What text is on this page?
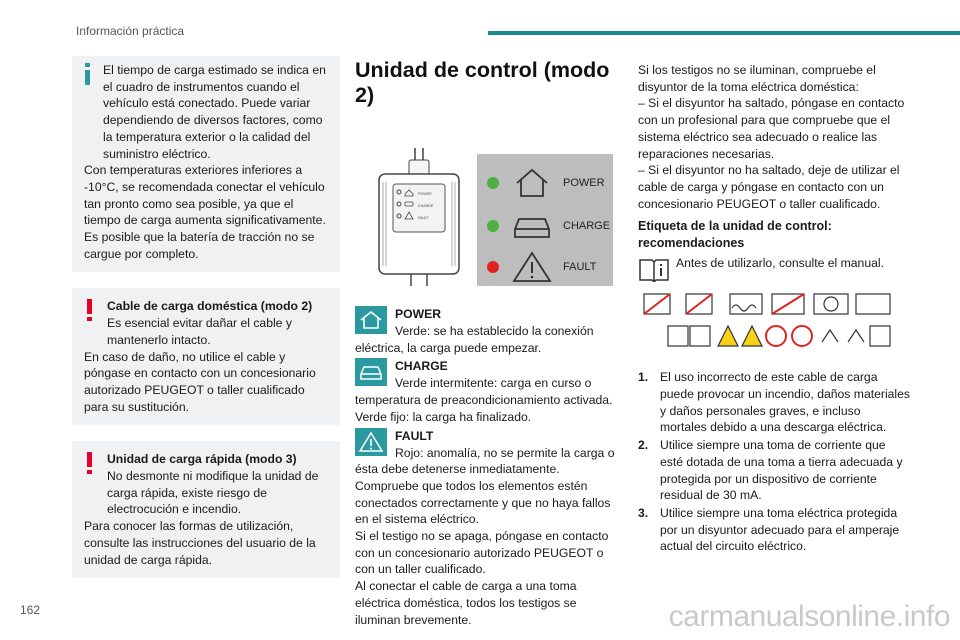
Información práctica

El tiempo de carga estimado se indica en el cuadro de instrumentos cuando el vehículo está conectado. Puede variar dependiendo de diversos factores, como la temperatura exterior o la calidad del suministro eléctrico.

Con temperaturas exteriores inferiores a -10°C, se recomendada conectar el vehículo tan pronto como sea posible, ya que el tiempo de carga aumenta significativamente.

Es posible que la batería de tracción no se cargue por completo.

Cable de carga doméstica (modo 2)

Es esencial evitar dañar el cable y mantenerlo intacto.

En caso de daño, no utilice el cable y póngase en contacto con un concesionario autorizado PEUGEOT o taller cualificado para su sustitución.

Unidad de carga rápida (modo 3)

No desmonte ni modifique la unidad de carga rápida, existe riesgo de electrocución e incendio.

Para conocer las formas de utilización, consulte las instrucciones del usuario de la unidad de carga rápida.

Unidad de control (modo 2)
POWER
CHARGE
FAULT
POWER
CHARGE
FAULT
POWER
Verde: se ha establecido la conexión eléctrica, la carga puede empezar.
CHARGE
Verde intermitente: carga en curso o temperatura de preacondicionamiento activada. Verde fijo: la carga ha finalizado.
FAULT
Rojo: anomalía, no se permite la carga o ésta debe detenerse inmediatamente.
Compruebe que todos los elementos estén conectados correctamente y que no haya fallos en el sistema eléctrico.
Si el testigo no se apaga, póngase en contacto con un concesionario autorizado PEUGEOT o con un taller cualificado.
Al conectar el cable de carga a una toma eléctrica doméstica, todos los testigos se iluminan brevemente.
Si los testigos no se iluminan, compruebe el disyuntor de la toma eléctrica doméstica:
– Si el disyuntor ha saltado, póngase en contacto con un profesional para que compruebe que el sistema eléctrico sea adecuado o realice las reparaciones necesarias.
– Si el disyuntor no ha saltado, deje de utilizar el cable de carga y póngase en contacto con un concesionario PEUGEOT o taller cualificado.
Etiqueta de la unidad de control: recomendaciones
Antes de utilizarlo, consulte el manual.
1. El uso incorrecto de este cable de carga puede provocar un incendio, daños materiales y daños personales graves, e incluso mortales debido a una descarga eléctrica.
2. Utilice siempre una toma de corriente que esté dotada de una toma a tierra adecuada y protegida por un dispositivo de corriente residual de 30 mA.
3. Utilice siempre una toma eléctrica protegida por un disyuntor adecuado para el amperaje actual del circuito eléctrico.
162	carmanualsonline.info
